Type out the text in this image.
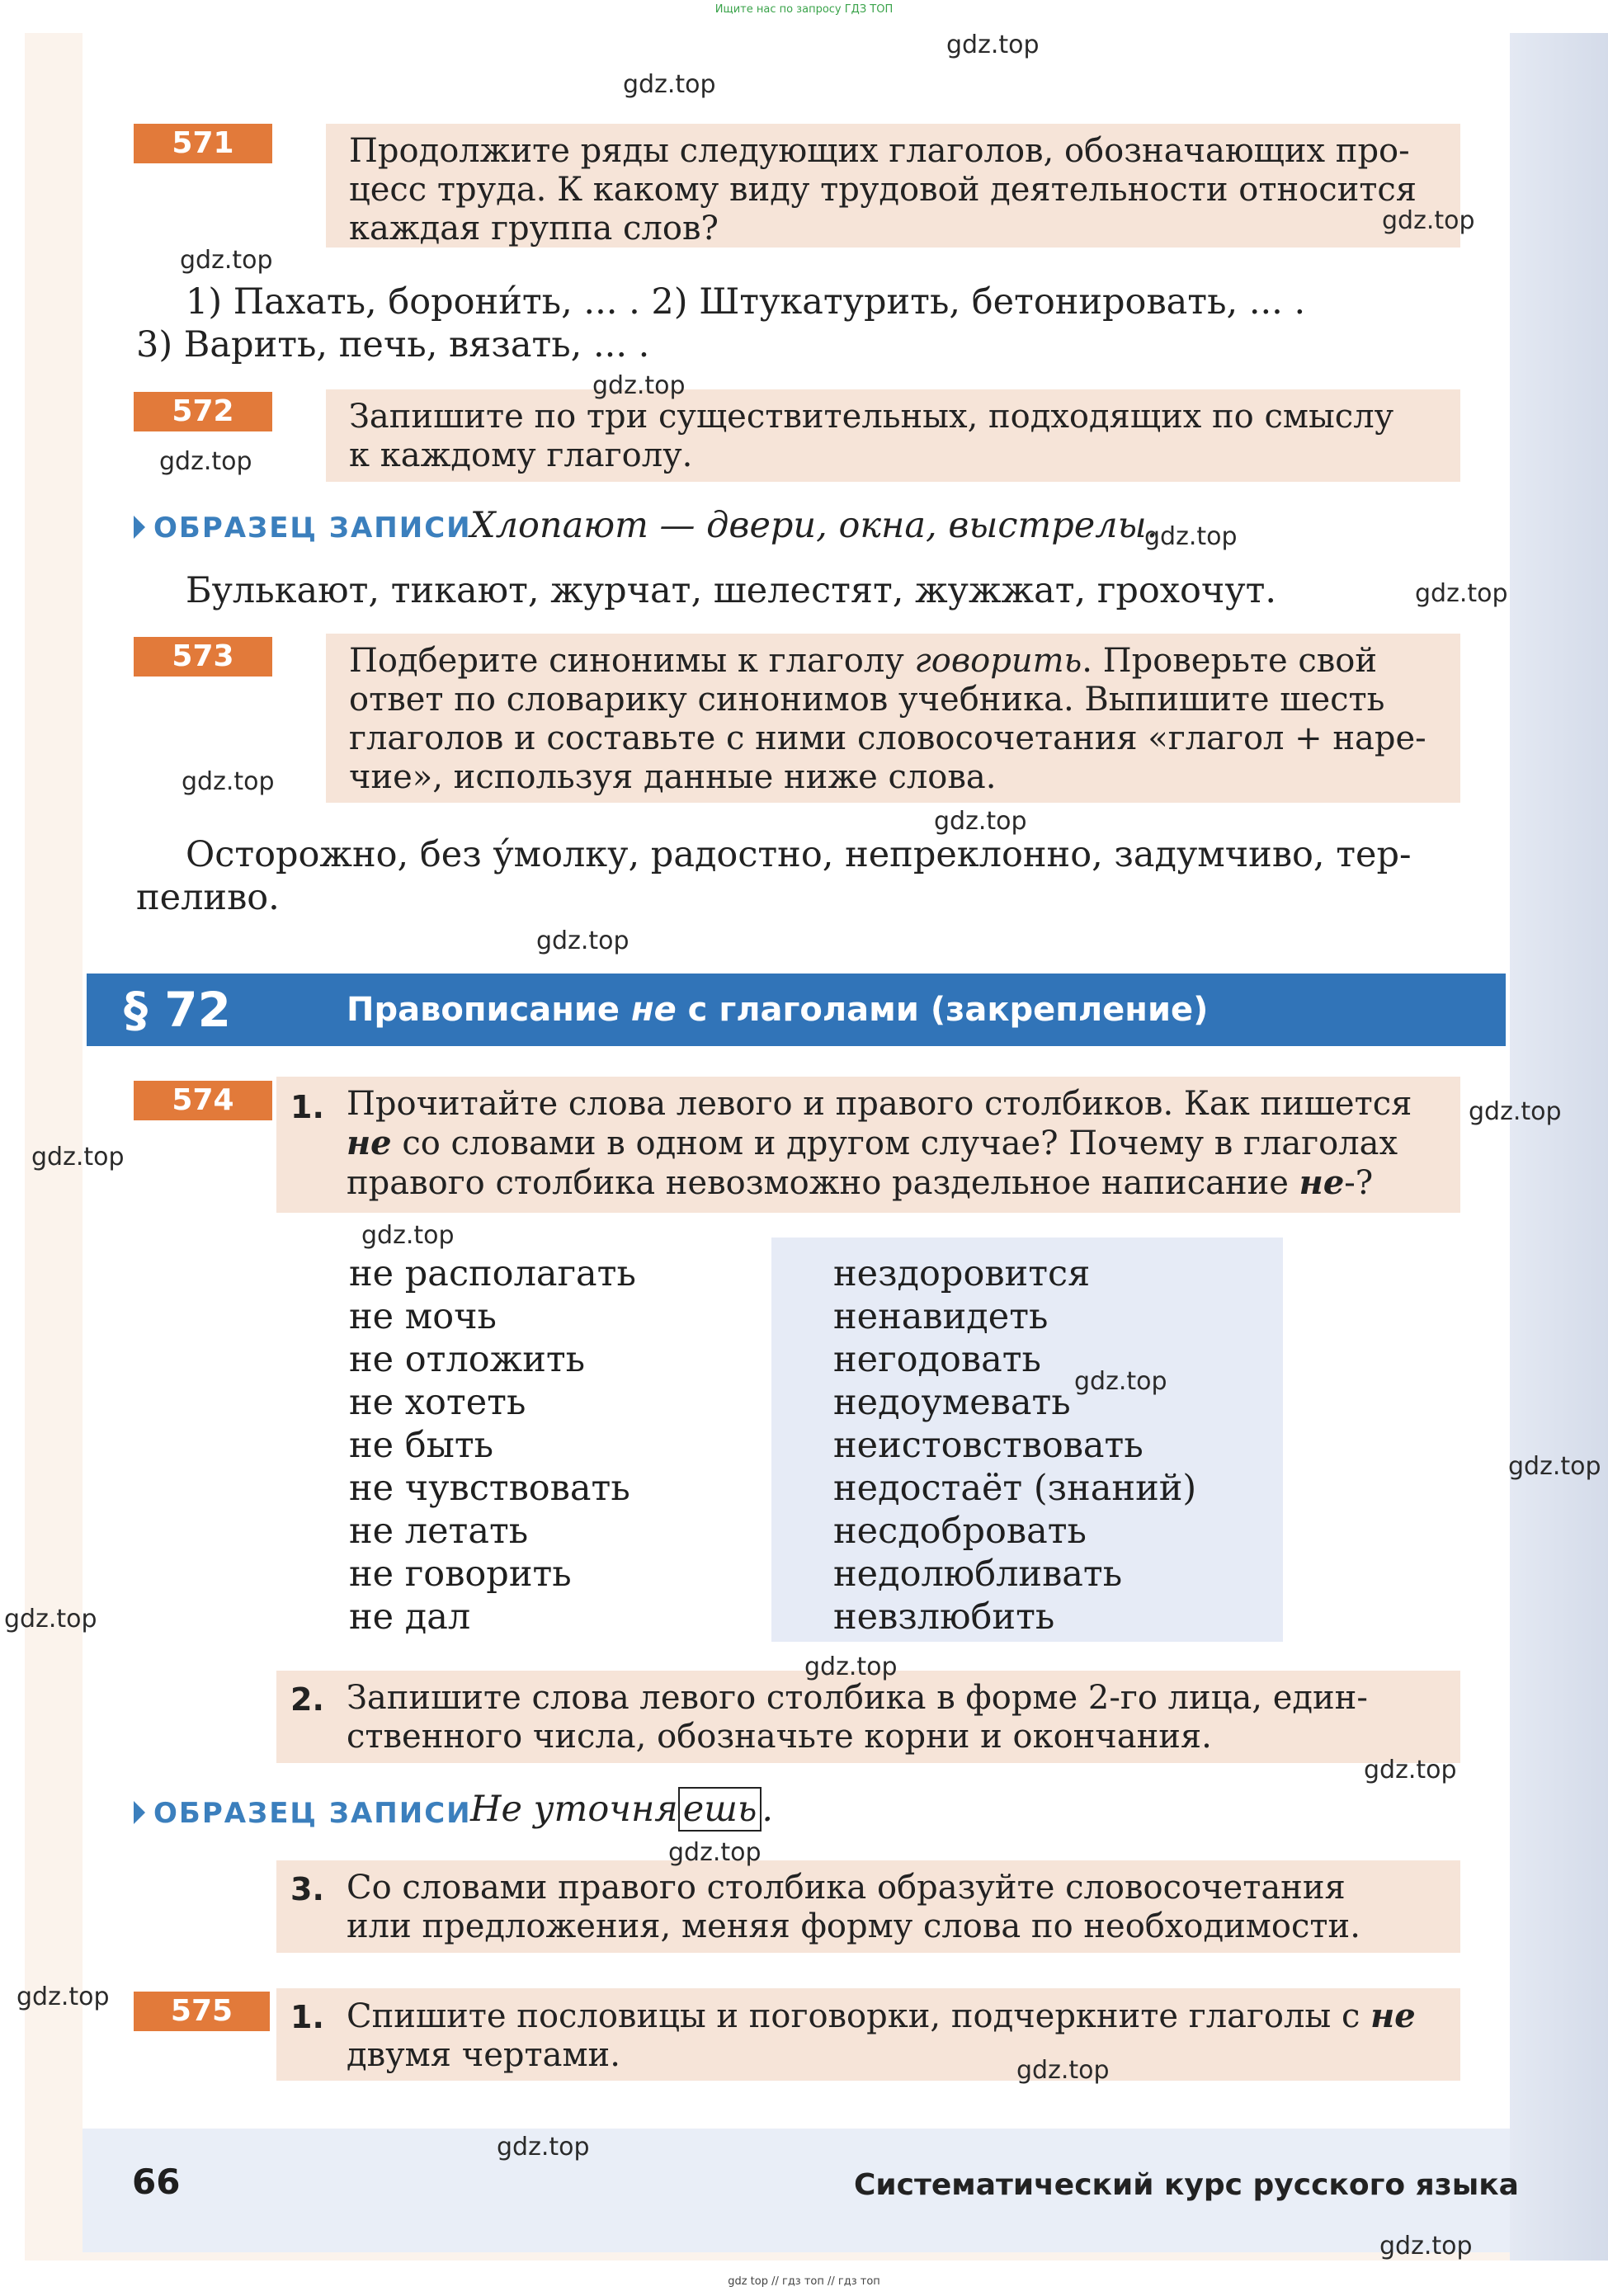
Ищите нас по запросу ГДЗ ТОП
571	Продолжите ряды следующих глаголов, обозначающих про-
цесс труда. К какому виду трудовой деятельности относится
каждая группа слов?
1) Пахать, борони́ть, ... . 2) Штукатурить, бетонировать, ... .
3) Варить, печь, вязать, ... .
572	Запишите по три существительных, подходящих по смыслу
к каждому глаголу.
ОБРАЗЕЦ ЗАПИСИ
Хлопают — двери, окна, выстрелы.
Булькают, тикают, журчат, шелестят, жужжат, грохочут.
573	Подберите синонимы к глаголу говорить. Проверьте свой
ответ по словарику синонимов учебника. Выпишите шесть
глаголов и составьте с ними словосочетания «глагол + наре-
чие», используя данные ниже слова.
Осторожно, без у́молку, радостно, непреклонно, задумчиво, тер-
пеливо.
§ 72	Правописание не с глаголами (закрепление)
574	Прочитайте слова левого и правого столбиков. Как пишется
не со словами в одном и другом случае? Почему в глаголах
правого столбика невозможно раздельное написание не-?
1.
не располагать
не мочь
не отложить
не хотеть
не быть
не чувствовать
не летать
не говорить
не дал
нездоровится
ненавидеть
негодовать
недоумевать
неистовствовать
недостаёт (знаний)
несдобровать
недолюбливать
невзлюбить
Запишите слова левого столбика в форме 2-го лица, един-
ственного числа, обозначьте корни и окончания.
2.
ОБРАЗЕЦ ЗАПИСИ
Не уточня ешь .
Со словами правого столбика образуйте словосочетания
или предложения, меняя форму слова по необходимости.
3.
575	Спишите пословицы и поговорки, подчеркните глаголы с не
двумя чертами.
1.
66	Систематический курс русского языка
gdz.top
gdz.top
gdz.top
gdz.top
gdz.top
gdz.top
gdz.top
gdz.top
gdz.top
gdz.top
gdz.top
gdz.top
gdz.top
gdz.top
gdz.top
gdz.top
gdz.top
gdz.top
gdz.top
gdz.top
gdz.top
gdz.top
gdz.top
gdz.top
gdz top // гдз топ // гдз топ
